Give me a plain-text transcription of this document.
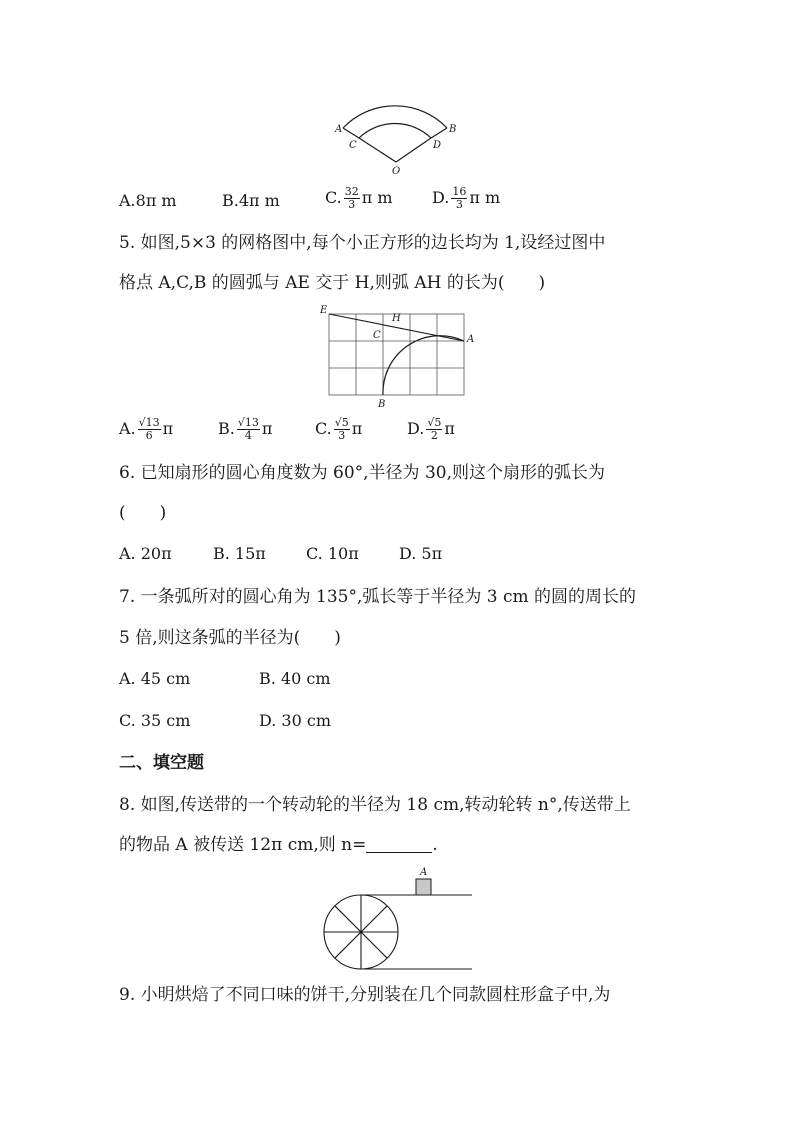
A	B
C	D
O
A.8π m	B.4π m	C. $\frac{32}{3}$ π m D. $\frac{16}{3}$ π m
5. 如图,5×3 的网格图中,每个小正方形的边长均为 1,设经过图中
格点 A,C,B 的圆弧与 AE 交于 H,则弧 AH 的长为(　　)
E
H
C	A
B
A. $\frac{√13}{6}$ π	B. $\frac{√13}{4}$ π	C. $\frac{√5}{3}$ π	D. $\frac{√5}{2}$ π
6. 已知扇形的圆心角度数为 60°,半径为 30,则这个扇形的弧长为
(　　)
A. 20π	B. 15π	C. 10π	D. 5π
7. 一条弧所对的圆心角为 135°,弧长等于半径为 3 cm 的圆的周长的
5 倍,则这条弧的半径为(　　)
A. 45 cm	B. 40 cm
C. 35 cm	D. 30 cm
二、填空题
8. 如图,传送带的一个转动轮的半径为 18 cm,转动轮转 n°,传送带上
的物品 A 被传送 12π cm,则 n=	.
A
9. 小明烘焙了不同口味的饼干,分别装在几个同款圆柱形盒子中,为
